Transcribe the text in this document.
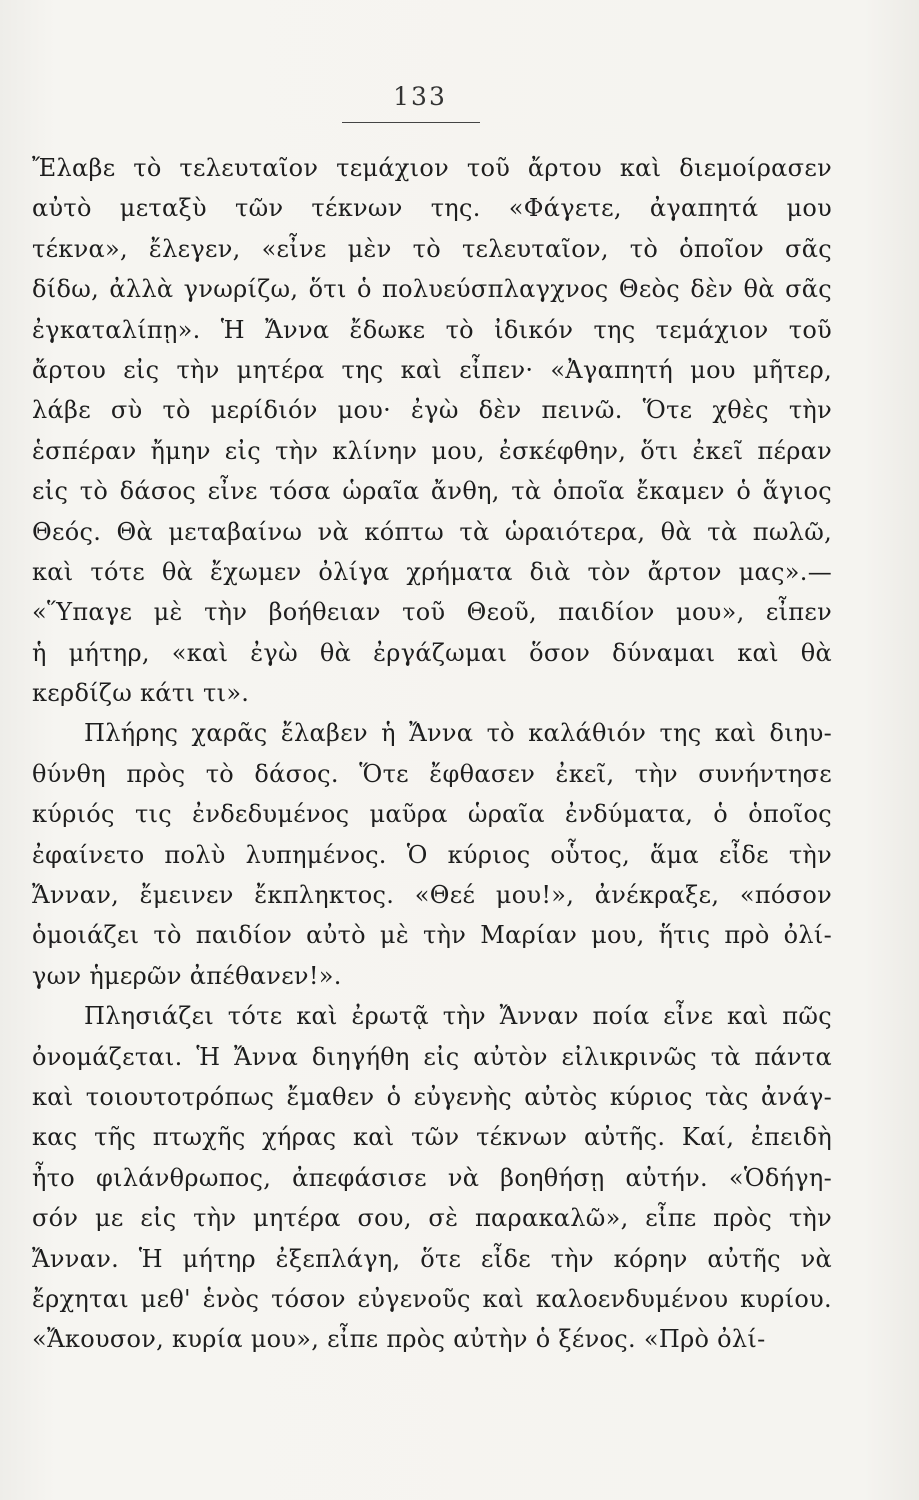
133
Ἔλαβε τὸ τελευταῖον τεμάχιον τοῦ ἄρτου καὶ διεμοίρασεν
αὐτὸ μεταξὺ τῶν τέκνων της. «Φάγετε, ἀγαπητά μου
τέκνα», ἔλεγεν, «εἶνε μὲν τὸ τελευταῖον, τὸ ὁποῖον σᾶς
δίδω, ἀλλὰ γνωρίζω, ὅτι ὁ πολυεύσπλαγχνος Θεὸς δὲν θὰ σᾶς
ἐγκαταλίπῃ». Ἡ Ἄννα ἔδωκε τὸ ἰδικόν της τεμάχιον τοῦ
ἄρτου εἰς τὴν μητέρα της καὶ εἶπεν· «Ἀγαπητή μου μῆτερ,
λάβε σὺ τὸ μερίδιόν μου· ἐγὼ δὲν πεινῶ. Ὅτε χθὲς τὴν
ἑσπέραν ἤμην εἰς τὴν κλίνην μου, ἐσκέφθην, ὅτι ἐκεῖ πέραν
εἰς τὸ δάσος εἶνε τόσα ὡραῖα ἄνθη, τὰ ὁποῖα ἔκαμεν ὁ ἅγιος
Θεός. Θὰ μεταβαίνω νὰ κόπτω τὰ ὡραιότερα, θὰ τὰ πωλῶ,
καὶ τότε θὰ ἔχωμεν ὀλίγα χρήματα διὰ τὸν ἄρτον μας».—
«Ὕπαγε μὲ τὴν βοήθειαν τοῦ Θεοῦ, παιδίον μου», εἶπεν
ἡ μήτηρ, «καὶ ἐγὼ θὰ ἐργάζωμαι ὅσον δύναμαι καὶ θὰ
κερδίζω κάτι τι».
Πλήρης χαρᾶς ἔλαβεν ἡ Ἄννα τὸ καλάθιόν της καὶ διηυ-
θύνθη πρὸς τὸ δάσος. Ὅτε ἔφθασεν ἐκεῖ, τὴν συνήντησε
κύριός τις ἐνδεδυμένος μαῦρα ὡραῖα ἐνδύματα, ὁ ὁποῖος
ἐφαίνετο πολὺ λυπημένος. Ὁ κύριος οὗτος, ἅμα εἶδε τὴν
Ἄνναν, ἔμεινεν ἔκπληκτος. «Θεέ μου!», ἀνέκραξε, «πόσον
ὁμοιάζει τὸ παιδίον αὐτὸ μὲ τὴν Μαρίαν μου, ἥτις πρὸ ὀλί-
γων ἡμερῶν ἀπέθανεν!».
Πλησιάζει τότε καὶ ἐρωτᾷ τὴν Ἄνναν ποία εἶνε καὶ πῶς
ὀνομάζεται. Ἡ Ἄννα διηγήθη εἰς αὐτὸν εἰλικρινῶς τὰ πάντα
καὶ τοιουτοτρόπως ἔμαθεν ὁ εὐγενὴς αὐτὸς κύριος τὰς ἀνάγ-
κας τῆς πτωχῆς χήρας καὶ τῶν τέκνων αὐτῆς. Καί, ἐπειδὴ
ἦτο φιλάνθρωπος, ἀπεφάσισε νὰ βοηθήσῃ αὐτήν. «Ὁδήγη-
σόν με εἰς τὴν μητέρα σου, σὲ παρακαλῶ», εἶπε πρὸς τὴν
Ἄνναν. Ἡ μήτηρ ἐξεπλάγη, ὅτε εἶδε τὴν κόρην αὐτῆς νὰ
ἔρχηται μεθ' ἑνὸς τόσον εὐγενοῦς καὶ καλοενδυμένου κυρίου.
«Ἄκουσον, κυρία μου», εἶπε πρὸς αὐτὴν ὁ ξένος. «Πρὸ ὀλί-
